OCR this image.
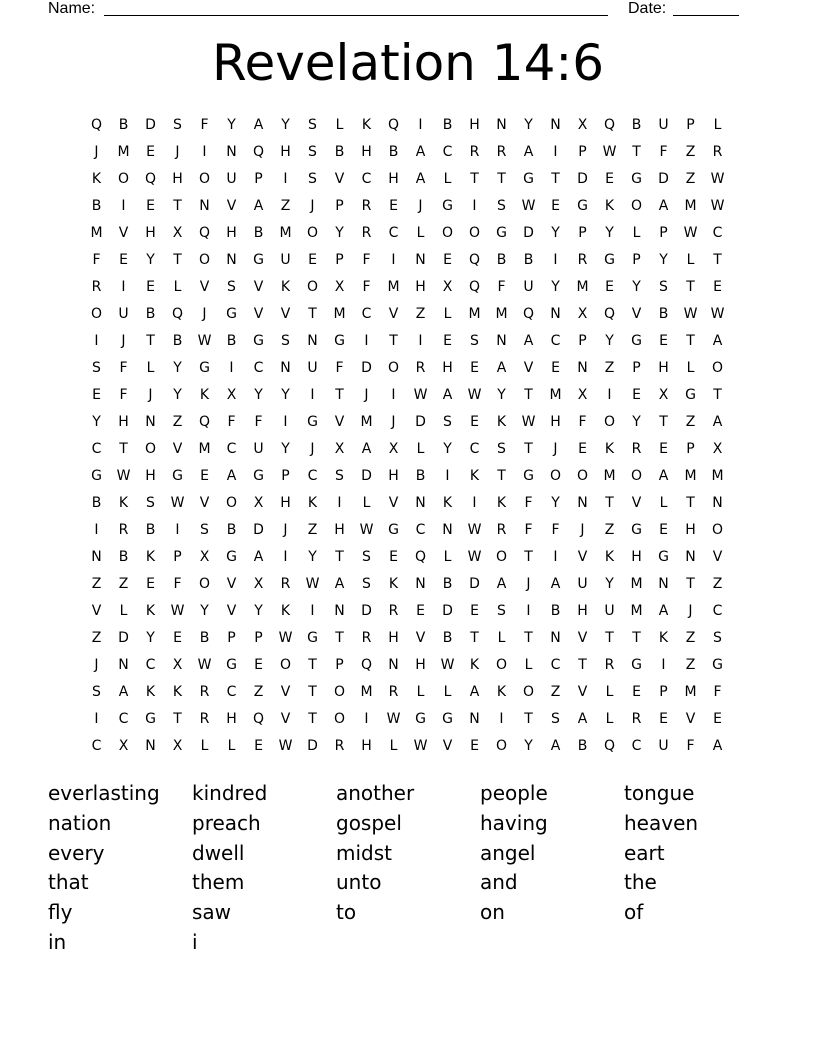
Name:	Date:
Revelation 14:6
Q	B	D	S	F	Y	A	Y	S	L	K	Q	I	B	H	N	Y	N	X	Q	B	U	P	L
J	M	E	J	I	N	Q	H	S	B	H	B	A	C	R	R	A	I	P	W	T	F	Z	R
K	O	Q	H	O	U	P	I	S	V	C	H	A	L	T	T	G	T	D	E	G	D	Z	W
B	I	E	T	N	V	A	Z	J	P	R	E	J	G	I	S	W	E	G	K	O	A	M	W
M	V	H	X	Q	H	B	M	O	Y	R	C	L	O	O	G	D	Y	P	Y	L	P	W	C
F	E	Y	T	O	N	G	U	E	P	F	I	N	E	Q	B	B	I	R	G	P	Y	L	T
R	I	E	L	V	S	V	K	O	X	F	M	H	X	Q	F	U	Y	M	E	Y	S	T	E
O	U	B	Q	J	G	V	V	T	M	C	V	Z	L	M	M	Q	N	X	Q	V	B	W W
I	J	T	B	W	B	G	S	N	G	I	T	I	E	S	N	A	C	P	Y	G	E	T	A
S	F	L	Y	G	I	C	N	U	F	D	O	R	H	E	A	V	E	N	Z	P	H	L	O
E	F	J	Y	K	X	Y	Y	I	T	J	I	W	A	W	Y	T	M	X	I	E	X	G	T
Y	H	N	Z	Q	F	F	I	G	V	M	J	D	S	E	K	W	H	F	O	Y	T	Z	A
C	T	O	V	M	C	U	Y	J	X	A	X	L	Y	C	S	T	J	E	K	R	E	P	X
G	W	H	G	E	A	G	P	C	S	D	H	B	I	K	T	G	O	O	M	O	A	M	M
B	K	S	W	V	O	X	H	K	I	L	V	N	K	I	K	F	Y	N	T	V	L	T	N
I	R	B	I	S	B	D	J	Z	H	W	G	C	N	W	R	F	F	J	Z	G	E	H	O
N	B	K	P	X	G	A	I	Y	T	S	E	Q	L	W	O	T	I	V	K	H	G	N	V
Z	Z	E	F	O	V	X	R	W	A	S	K	N	B	D	A	J	A	U	Y	M	N	T	Z
V	L	K	W	Y	V	Y	K	I	N	D	R	E	D	E	S	I	B	H	U	M	A	J	C
Z	D	Y	E	B	P	P	W	G	T	R	H	V	B	T	L	T	N	V	T	T	K	Z	S
J	N	C	X	W	G	E	O	T	P	Q	N	H	W	K	O	L	C	T	R	G	I	Z	G
S	A	K	K	R	C	Z	V	T	O	M	R	L	L	A	K	O	Z	V	L	E	P	M	F
I	C	G	T	R	H	Q	V	T	O	I	W	G	G	N	I	T	S	A	L	R	E	V	E
C	X	N	X	L	L	E	W	D	R	H	L	W	V	E	O	Y	A	B	Q	C	U	F	A
everlasting	kindred	another	people	tongue
nation	preach	gospel	having	heaven
every	dwell	midst	angel	eart
that	them	unto	and	the
fly	saw	to	on	of
in	i
